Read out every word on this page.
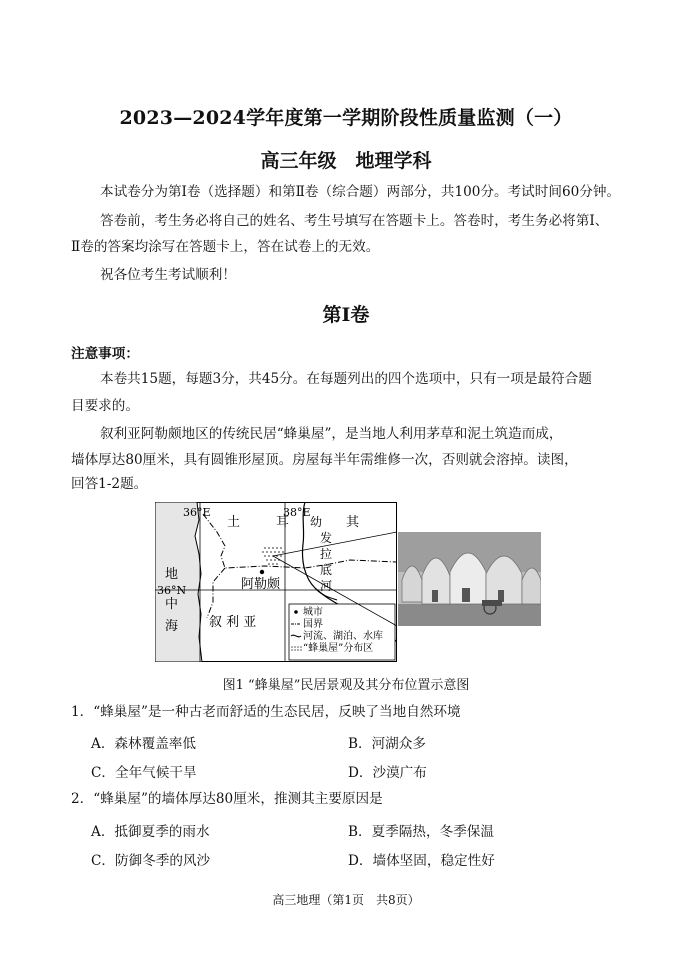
2023—2024学年度第一学期阶段性质量监测（一）
高三年级　地理学科
本试卷分为第Ⅰ卷（选择题）和第Ⅱ卷（综合题）两部分，共100分。考试时间60分钟。
答卷前，考生务必将自己的姓名、考生号填写在答题卡上。答卷时，考生务必将第Ⅰ、
Ⅱ卷的答案均涂写在答题卡上，答在试卷上的无效。
祝各位考生考试顺利！
第Ⅰ卷
注意事项：
本卷共15题，每题3分，共45分。在每题列出的四个选项中，只有一项是最符合题
目要求的。
叙利亚阿勒颇地区的传统民居“蜂巢屋”，是当地人利用茅草和泥土筑造而成，
墙体厚达80厘米，具有圆锥形屋顶。房屋每半年需维修一次，否则就会溶掉。读图，
回答1-2题。
36°E	38°E
36°N
土	耳	其
地
中
海
幼
发
拉
底
河
阿勒颇
叙 利 亚
城市
国界
河流、湖泊、水库
“蜂巢屋”分布区
图1 “蜂巢屋”民居景观及其分布位置示意图
1．“蜂巢屋”是一种古老而舒适的生态民居，反映了当地自然环境
A．森林覆盖率低	B．河湖众多
C．全年气候干旱	D．沙漠广布
2．“蜂巢屋”的墙体厚达80厘米，推测其主要原因是
A．抵御夏季的雨水	B．夏季隔热，冬季保温
C．防御冬季的风沙	D．墙体坚固，稳定性好
高三地理（第1页　共8页）
